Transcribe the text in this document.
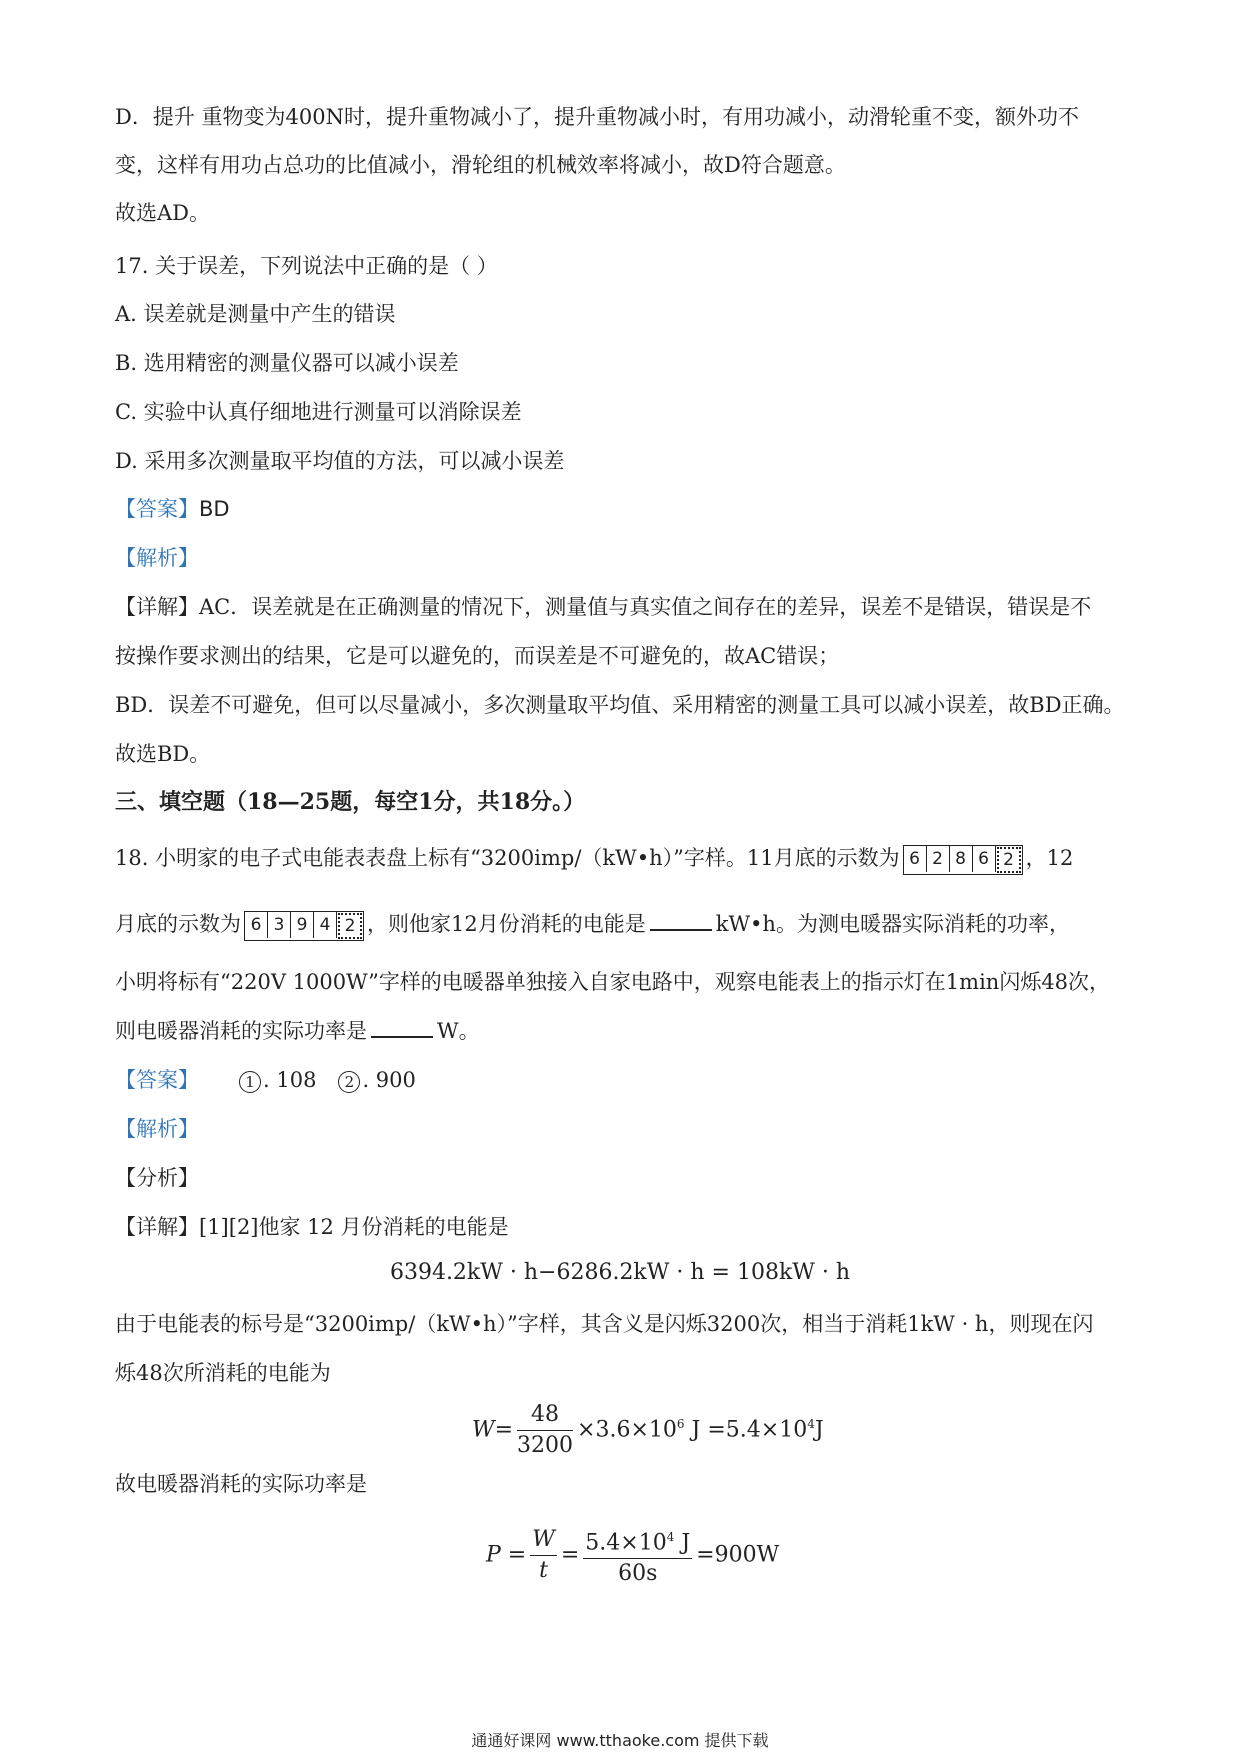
D．提升 重物变为400N时，提升重物减小了，提升重物减小时，有用功减小，动滑轮重不变，额外功不
变，这样有用功占总功的比值减小，滑轮组的机械效率将减小，故D符合题意。
故选AD。
17. 关于误差，下列说法中正确的是（ ）
A. 误差就是测量中产生的错误
B. 选用精密的测量仪器可以减小误差
C. 实验中认真仔细地进行测量可以消除误差
D. 采用多次测量取平均值的方法，可以减小误差
【答案】BD
【解析】
【详解】AC．误差就是在正确测量的情况下，测量值与真实值之间存在的差异，误差不是错误，错误是不
按操作要求测出的结果，它是可以避免的，而误差是不可避免的，故AC错误；
BD．误差不可避免，但可以尽量减小，多次测量取平均值、采用精密的测量工具可以减小误差，故BD正确。
故选BD。
三、填空题（18—25题，每空1分，共18分。）
18. 小明家的电子式电能表表盘上标有“3200imp/（kW•h）”字样。11月底的示数为 6 2 8 6 2 ，12
月底的示数为 6 3 9 4 2 ，则他家12月份消耗的电能是	kW•h。为测电暖器实际消耗的功率，
小明将标有“220V 1000W”字样的电暖器单独接入自家电路中，观察电能表上的指示灯在1min闪烁48次，
则电暖器消耗的实际功率是	W。
【答案】	1 . 108 2 . 900
【解析】
【分析】
【详解】[1][2]他家 12 月份消耗的电能是
6394.2kW · h−6286.2kW · h = 108kW · h
由于电能表的标号是“3200imp/（kW•h）”字样，其含义是闪烁3200次，相当于消耗1kW · h，则现在闪
烁48次所消耗的电能为
$W= \frac{48}{3200} \times 3.6\times 10^6$ $J =5.4\times 10^4J$
故电暖器消耗的实际功率是
$P = \frac{W}{t} = \frac{5.4\times 10^4 J}{60s} =900W$
通通好课网 www.tthaoke.com 提供下载
